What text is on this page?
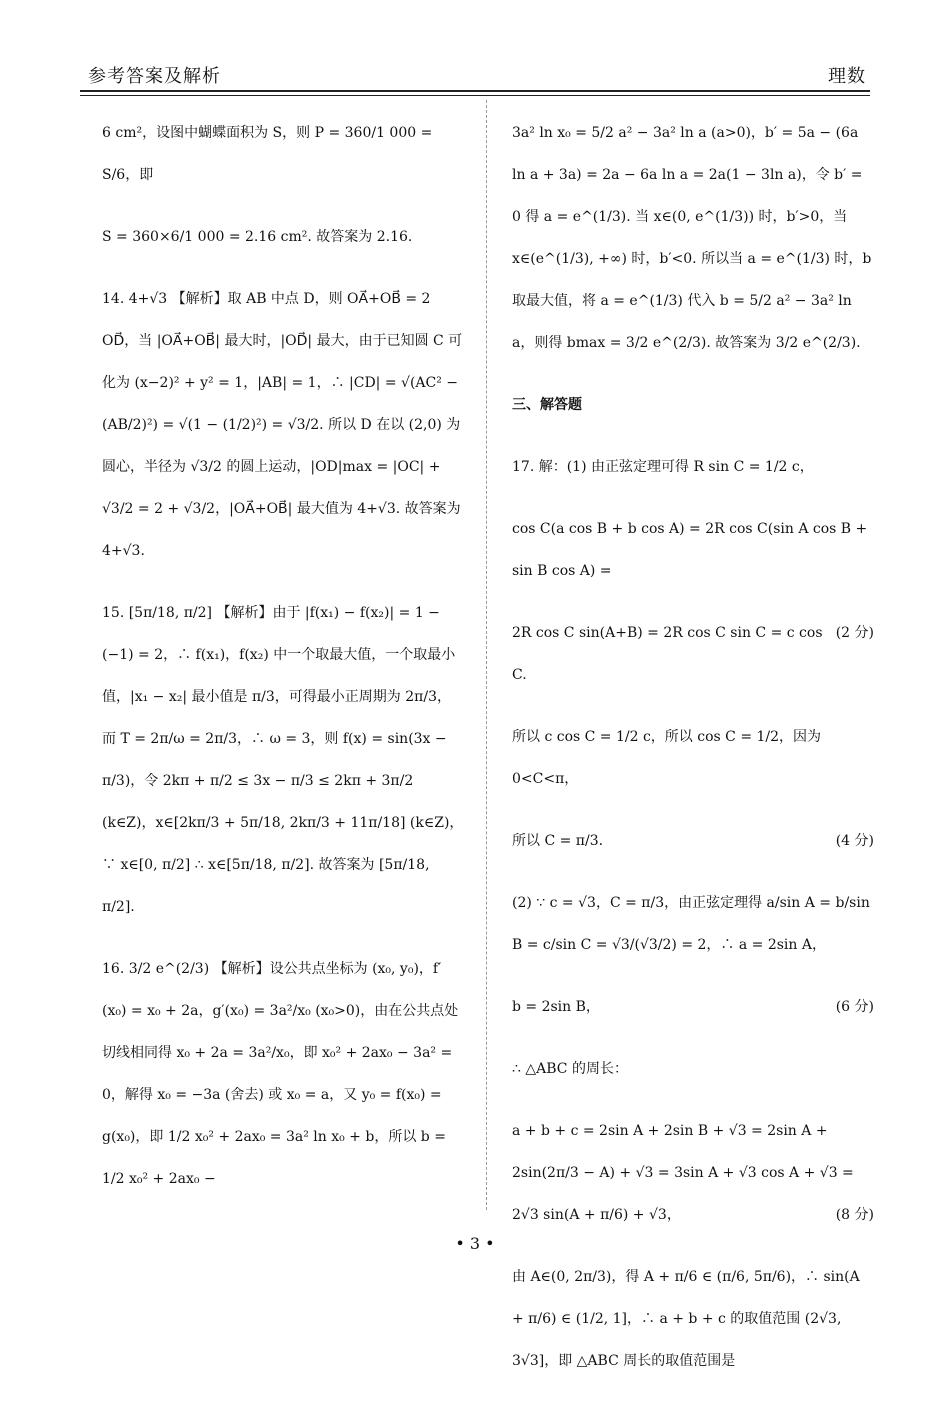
参考答案及解析	理数

6 cm²，设图中蝴蝶面积为 S，则 P = 360/1 000 = S/6，即

S = 360×6/1 000 = 2.16 cm². 故答案为 2.16.

14. 4+√3 【解析】取 AB 中点 D，则 OA⃗+OB⃗ = 2 OD⃗，当 |OA⃗+OB⃗| 最大时，|OD⃗| 最大，由于已知圆 C 可化为 (x−2)² + y² = 1，|AB| = 1，∴ |CD| = √(AC² − (AB/2)²) = √(1 − (1/2)²) = √3/2. 所以 D 在以 (2,0) 为圆心，半径为 √3/2 的圆上运动，|OD|max = |OC| + √3/2 = 2 + √3/2，|OA⃗+OB⃗| 最大值为 4+√3. 故答案为 4+√3.

15. [5π/18, π/2] 【解析】由于 |f(x₁) − f(x₂)| = 1 − (−1) = 2，∴ f(x₁)，f(x₂) 中一个取最大值，一个取最小值，|x₁ − x₂| 最小值是 π/3，可得最小正周期为 2π/3，而 T = 2π/ω = 2π/3，∴ ω = 3，则 f(x) = sin(3x − π/3)，令 2kπ + π/2 ≤ 3x − π/3 ≤ 2kπ + 3π/2 (k∈Z)，x∈[2kπ/3 + 5π/18, 2kπ/3 + 11π/18] (k∈Z)，∵ x∈[0, π/2] ∴ x∈[5π/18, π/2]. 故答案为 [5π/18, π/2].

16. 3/2 e^(2/3) 【解析】设公共点坐标为 (x₀, y₀)，f′(x₀) = x₀ + 2a，g′(x₀) = 3a²/x₀ (x₀>0)，由在公共点处切线相同得 x₀ + 2a = 3a²/x₀，即 x₀² + 2ax₀ − 3a² = 0，解得 x₀ = −3a (舍去) 或 x₀ = a，又 y₀ = f(x₀) = g(x₀)，即 1/2 x₀² + 2ax₀ = 3a² ln x₀ + b，所以 b = 1/2 x₀² + 2ax₀ −

3a² ln x₀ = 5/2 a² − 3a² ln a (a>0)，b′ = 5a − (6a ln a + 3a) = 2a − 6a ln a = 2a(1 − 3ln a)，令 b′ = 0 得 a = e^(1/3). 当 x∈(0, e^(1/3)) 时，b′>0，当 x∈(e^(1/3), +∞) 时，b′<0. 所以当 a = e^(1/3) 时，b 取最大值，将 a = e^(1/3) 代入 b = 5/2 a² − 3a² ln a，则得 bmax = 3/2 e^(2/3). 故答案为 3/2 e^(2/3).

三、解答题

17. 解：(1) 由正弦定理可得 R sin C = 1/2 c，

cos C(a cos B + b cos A) = 2R cos C(sin A cos B + sin B cos A) =

(2 分)
2R cos C sin(A+B) = 2R cos C sin C = c cos C.

所以 c cos C = 1/2 c，所以 cos C = 1/2，因为 0<C<π，

(4 分)
所以 C = π/3.

(2) ∵ c = √3，C = π/3，由正弦定理得 a/sin A = b/sin B = c/sin C = √3/(√3/2) = 2，∴ a = 2sin A，

(6 分)
b = 2sin B，

∴ △ABC 的周长：

a + b + c = 2sin A + 2sin B + √3 = 2sin A + 2sin(2π/3 − A) + √3 = 3sin A + √3 cos A + √3 = 2√3 sin(A + π/6) + √3，	(8 分)

由 A∈(0, 2π/3)，得 A + π/6 ∈ (π/6, 5π/6)，∴ sin(A + π/6) ∈ (1/2, 1]，∴ a + b + c 的取值范围 (2√3, 3√3]，即 △ABC 周长的取值范围是

• 3 •
